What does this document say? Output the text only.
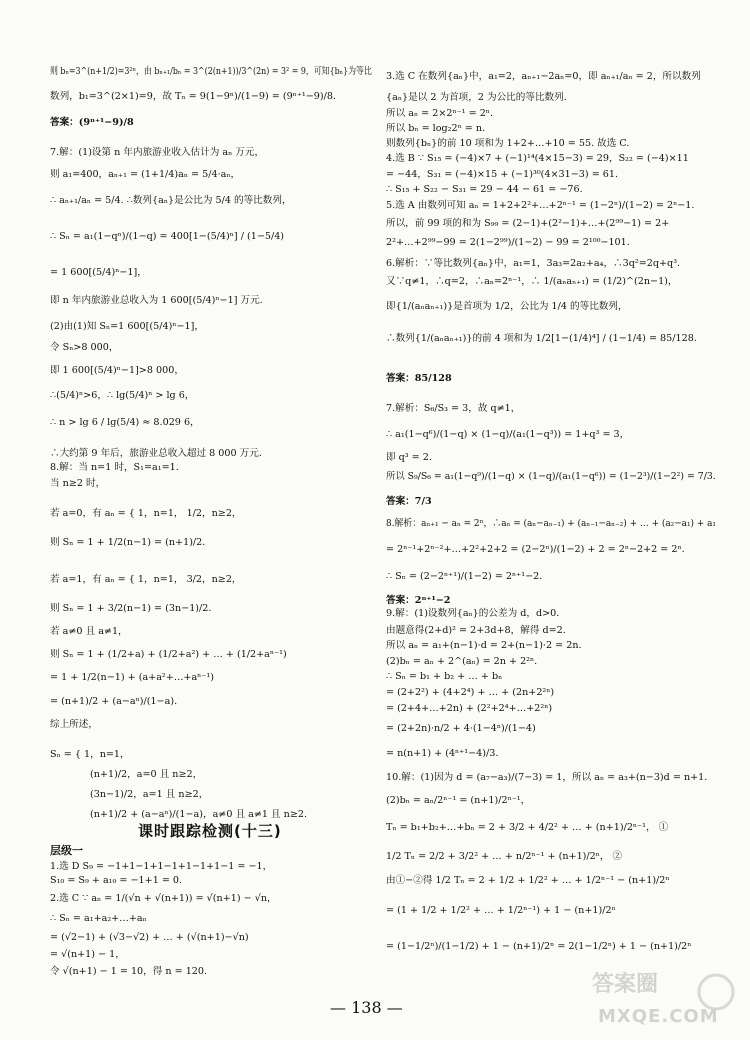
则 bₙ=3^(n+1/2)=3²ⁿ，由 bₙ₊₁/bₙ = 3^(2(n+1))/3^(2n) = 3² = 9，可知{bₙ}为等比
数列，b₁=3^(2×1)=9，故 Tₙ = 9(1−9ⁿ)/(1−9) = (9ⁿ⁺¹−9)/8.
答案：(9ⁿ⁺¹−9)/8
7.解：(1)设第 n 年内旅游业收入估计为 aₙ 万元，
则 a₁=400，aₙ₊₁ = (1+1/4)aₙ = 5/4·aₙ，
∴ aₙ₊₁/aₙ = 5/4. ∴数列{aₙ}是公比为 5/4 的等比数列，
∴ Sₙ = a₁(1−qⁿ)/(1−q) = 400[1−(5/4)ⁿ] / (1−5/4)
= 1 600[(5/4)ⁿ−1]，
即 n 年内旅游业总收入为 1 600[(5/4)ⁿ−1] 万元.
(2)由(1)知 Sₙ=1 600[(5/4)ⁿ−1]，
令 Sₙ>8 000，
即 1 600[(5/4)ⁿ−1]>8 000，
∴(5/4)ⁿ>6，∴ lg(5/4)ⁿ > lg 6，
∴ n > lg 6 / lg(5/4) ≈ 8.029 6，
∴大约第 9 年后，旅游业总收入超过 8 000 万元.
8.解：当 n=1 时，S₁=a₁=1.
当 n≥2 时，
若 a=0，有 aₙ = { 1，n=1， 1/2，n≥2，
则 Sₙ = 1 + 1/2(n−1) = (n+1)/2.
若 a=1，有 aₙ = { 1，n=1， 3/2，n≥2，
则 Sₙ = 1 + 3/2(n−1) = (3n−1)/2.
若 a≠0 且 a≠1，
则 Sₙ = 1 + (1/2+a) + (1/2+a²) + … + (1/2+aⁿ⁻¹)
= 1 + 1/2(n−1) + (a+a²+…+aⁿ⁻¹)
= (n+1)/2 + (a−aⁿ)/(1−a).
综上所述，
Sₙ = { 1，n=1，
(n+1)/2，a=0 且 n≥2，
(3n−1)/2，a=1 且 n≥2，
(n+1)/2 + (a−aⁿ)/(1−a)，a≠0 且 a≠1 且 n≥2.
课时跟踪检测(十三)
层级一
1.选 D S₉ = −1+1−1+1−1+1−1+1−1 = −1，
S₁₀ = S₉ + a₁₀ = −1+1 = 0.
2.选 C ∵ aₙ = 1/(√n + √(n+1)) = √(n+1) − √n，
∴ Sₙ = a₁+a₂+…+aₙ
= (√2−1) + (√3−√2) + … + (√(n+1)−√n)
= √(n+1) − 1，
令 √(n+1) − 1 = 10，得 n = 120.
3.选 C 在数列{aₙ}中，a₁=2，aₙ₊₁−2aₙ=0，即 aₙ₊₁/aₙ = 2，所以数列
{aₙ}是以 2 为首项，2 为公比的等比数列.
所以 aₙ = 2×2ⁿ⁻¹ = 2ⁿ.
所以 bₙ = log₂2ⁿ = n.
则数列{bₙ}的前 10 项和为 1+2+…+10 = 55. 故选 C.
4.选 B ∵ S₁₅ = (−4)×7 + (−1)¹⁴(4×15−3) = 29，S₂₂ = (−4)×11
= −44，S₃₁ = (−4)×15 + (−1)³⁰(4×31−3) = 61.
∴ S₁₅ + S₂₂ − S₃₁ = 29 − 44 − 61 = −76.
5.选 A 由数列可知 aₙ = 1+2+2²+…+2ⁿ⁻¹ = (1−2ⁿ)/(1−2) = 2ⁿ−1.
所以，前 99 项的和为 S₉₉ = (2−1)+(2²−1)+…+(2⁹⁹−1) = 2+
2²+…+2⁹⁹−99 = 2(1−2⁹⁹)/(1−2) − 99 = 2¹⁰⁰−101.
6.解析：∵等比数列{aₙ}中，a₁=1，3a₃=2a₂+a₄，∴3q²=2q+q³.
又∵q≠1，∴q=2，∴aₙ=2ⁿ⁻¹，∴ 1/(aₙaₙ₊₁) = (1/2)^(2n−1)，
即{1/(aₙaₙ₊₁)}是首项为 1/2，公比为 1/4 的等比数列，
∴数列{1/(aₙaₙ₊₁)}的前 4 项和为 1/2[1−(1/4)⁴] / (1−1/4) = 85/128.
答案：85/128
7.解析：S₆/S₃ = 3，故 q≠1，
∴ a₁(1−q⁶)/(1−q) × (1−q)/(a₁(1−q³)) = 1+q³ = 3，
即 q³ = 2.
所以 S₉/S₆ = a₁(1−q⁹)/(1−q) × (1−q)/(a₁(1−q⁶)) = (1−2³)/(1−2²) = 7/3.
答案：7/3
8.解析：aₙ₊₁ − aₙ = 2ⁿ，∴aₙ = (aₙ−aₙ₋₁) + (aₙ₋₁−aₙ₋₂) + … + (a₂−a₁) + a₁
= 2ⁿ⁻¹+2ⁿ⁻²+…+2²+2+2 = (2−2ⁿ)/(1−2) + 2 = 2ⁿ−2+2 = 2ⁿ.
∴ Sₙ = (2−2ⁿ⁺¹)/(1−2) = 2ⁿ⁺¹−2.
答案：2ⁿ⁺¹−2
9.解：(1)设数列{aₙ}的公差为 d，d>0.
由题意得(2+d)² = 2+3d+8，解得 d=2.
所以 aₙ = a₁+(n−1)·d = 2+(n−1)·2 = 2n.
(2)bₙ = aₙ + 2^(aₙ) = 2n + 2²ⁿ.
∴ Sₙ = b₁ + b₂ + … + bₙ
= (2+2²) + (4+2⁴) + … + (2n+2²ⁿ)
= (2+4+…+2n) + (2²+2⁴+…+2²ⁿ)
= (2+2n)·n/2 + 4·(1−4ⁿ)/(1−4)
= n(n+1) + (4ⁿ⁺¹−4)/3.
10.解：(1)因为 d = (a₇−a₃)/(7−3) = 1，所以 aₙ = a₃+(n−3)d = n+1.
(2)bₙ = aₙ/2ⁿ⁻¹ = (n+1)/2ⁿ⁻¹，
Tₙ = b₁+b₂+…+bₙ = 2 + 3/2 + 4/2² + … + (n+1)/2ⁿ⁻¹， ①
1/2 Tₙ = 2/2 + 3/2² + … + n/2ⁿ⁻¹ + (n+1)/2ⁿ， ②
由①−②得 1/2 Tₙ = 2 + 1/2 + 1/2² + … + 1/2ⁿ⁻¹ − (n+1)/2ⁿ
= (1 + 1/2 + 1/2² + … + 1/2ⁿ⁻¹) + 1 − (n+1)/2ⁿ
= (1−1/2ⁿ)/(1−1/2) + 1 − (n+1)/2ⁿ = 2(1−1/2ⁿ) + 1 − (n+1)/2ⁿ
— 138 —
答案圈
MXQE.COM
